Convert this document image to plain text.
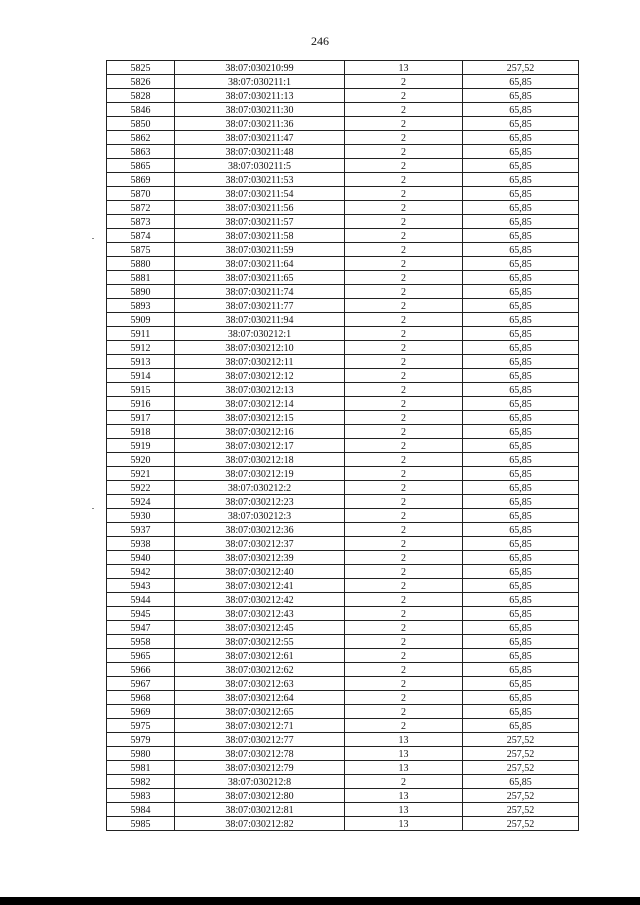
246
5825	38:07:030210:99	13	257,52
5826	38:07:030211:1	2	65,85
5828	38:07:030211:13	2	65,85
5846	38:07:030211:30	2	65,85
5850	38:07:030211:36	2	65,85
5862	38:07:030211:47	2	65,85
5863	38:07:030211:48	2	65,85
5865	38:07:030211:5	2	65,85
5869	38:07:030211:53	2	65,85
5870	38:07:030211:54	2	65,85
5872	38:07:030211:56	2	65,85
5873	38:07:030211:57	2	65,85
5874	38:07:030211:58	2	65,85
5875	38:07:030211:59	2	65,85
5880	38:07:030211:64	2	65,85
5881	38:07:030211:65	2	65,85
5890	38:07:030211:74	2	65,85
5893	38:07:030211:77	2	65,85
5909	38:07:030211:94	2	65,85
5911	38:07:030212:1	2	65,85
5912	38:07:030212:10	2	65,85
5913	38:07:030212:11	2	65,85
5914	38:07:030212:12	2	65,85
5915	38:07:030212:13	2	65,85
5916	38:07:030212:14	2	65,85
5917	38:07:030212:15	2	65,85
5918	38:07:030212:16	2	65,85
5919	38:07:030212:17	2	65,85
5920	38:07:030212:18	2	65,85
5921	38:07:030212:19	2	65,85
5922	38:07:030212:2	2	65,85
5924	38:07:030212:23	2	65,85
5930	38:07:030212:3	2	65,85
5937	38:07:030212:36	2	65,85
5938	38:07:030212:37	2	65,85
5940	38:07:030212:39	2	65,85
5942	38:07:030212:40	2	65,85
5943	38:07:030212:41	2	65,85
5944	38:07:030212:42	2	65,85
5945	38:07:030212:43	2	65,85
5947	38:07:030212:45	2	65,85
5958	38:07:030212:55	2	65,85
5965	38:07:030212:61	2	65,85
5966	38:07:030212:62	2	65,85
5967	38:07:030212:63	2	65,85
5968	38:07:030212:64	2	65,85
5969	38:07:030212:65	2	65,85
5975	38:07:030212:71	2	65,85
5979	38:07:030212:77	13	257,52
5980	38:07:030212:78	13	257,52
5981	38:07:030212:79	13	257,52
5982	38:07:030212:8	2	65,85
5983	38:07:030212:80	13	257,52
5984	38:07:030212:81	13	257,52
5985	38:07:030212:82	13	257,52
